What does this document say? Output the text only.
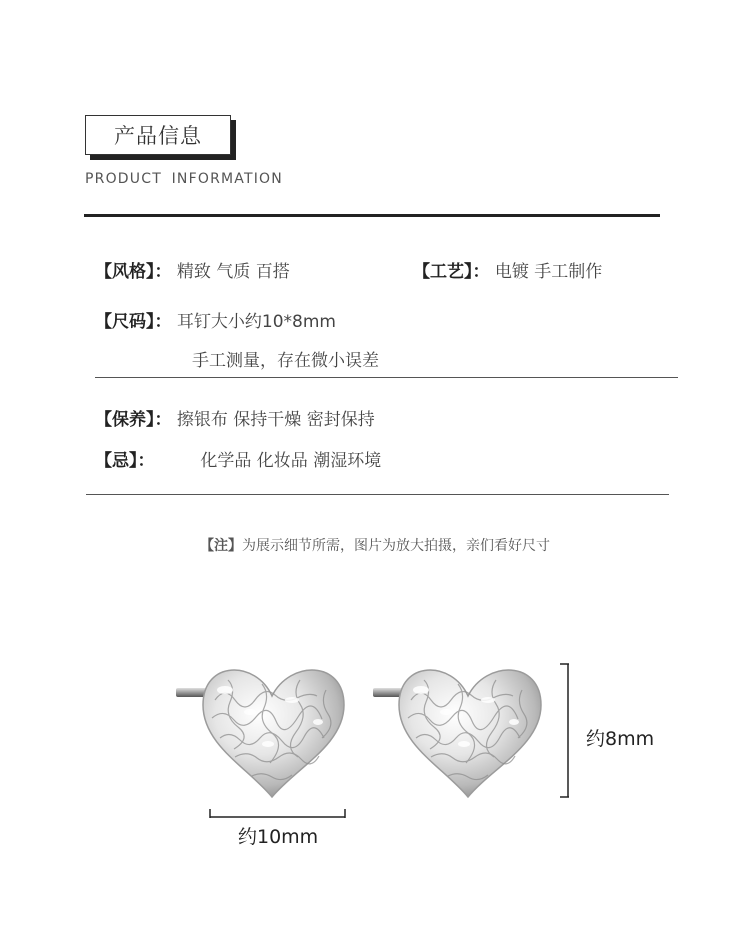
产品信息
PRODUCT INFORMATION
【风格】： 精致 气质 百搭	【工艺】： 电镀 手工制作
【尺码】： 耳钉大小约10*8mm
手工测量，存在微小误差
【保养】： 擦银布 保持干燥 密封保持
【忌】：	化学品 化妆品 潮湿环境
【注】为展示细节所需，图片为放大拍摄，亲们看好尺寸
约8mm
约10mm
